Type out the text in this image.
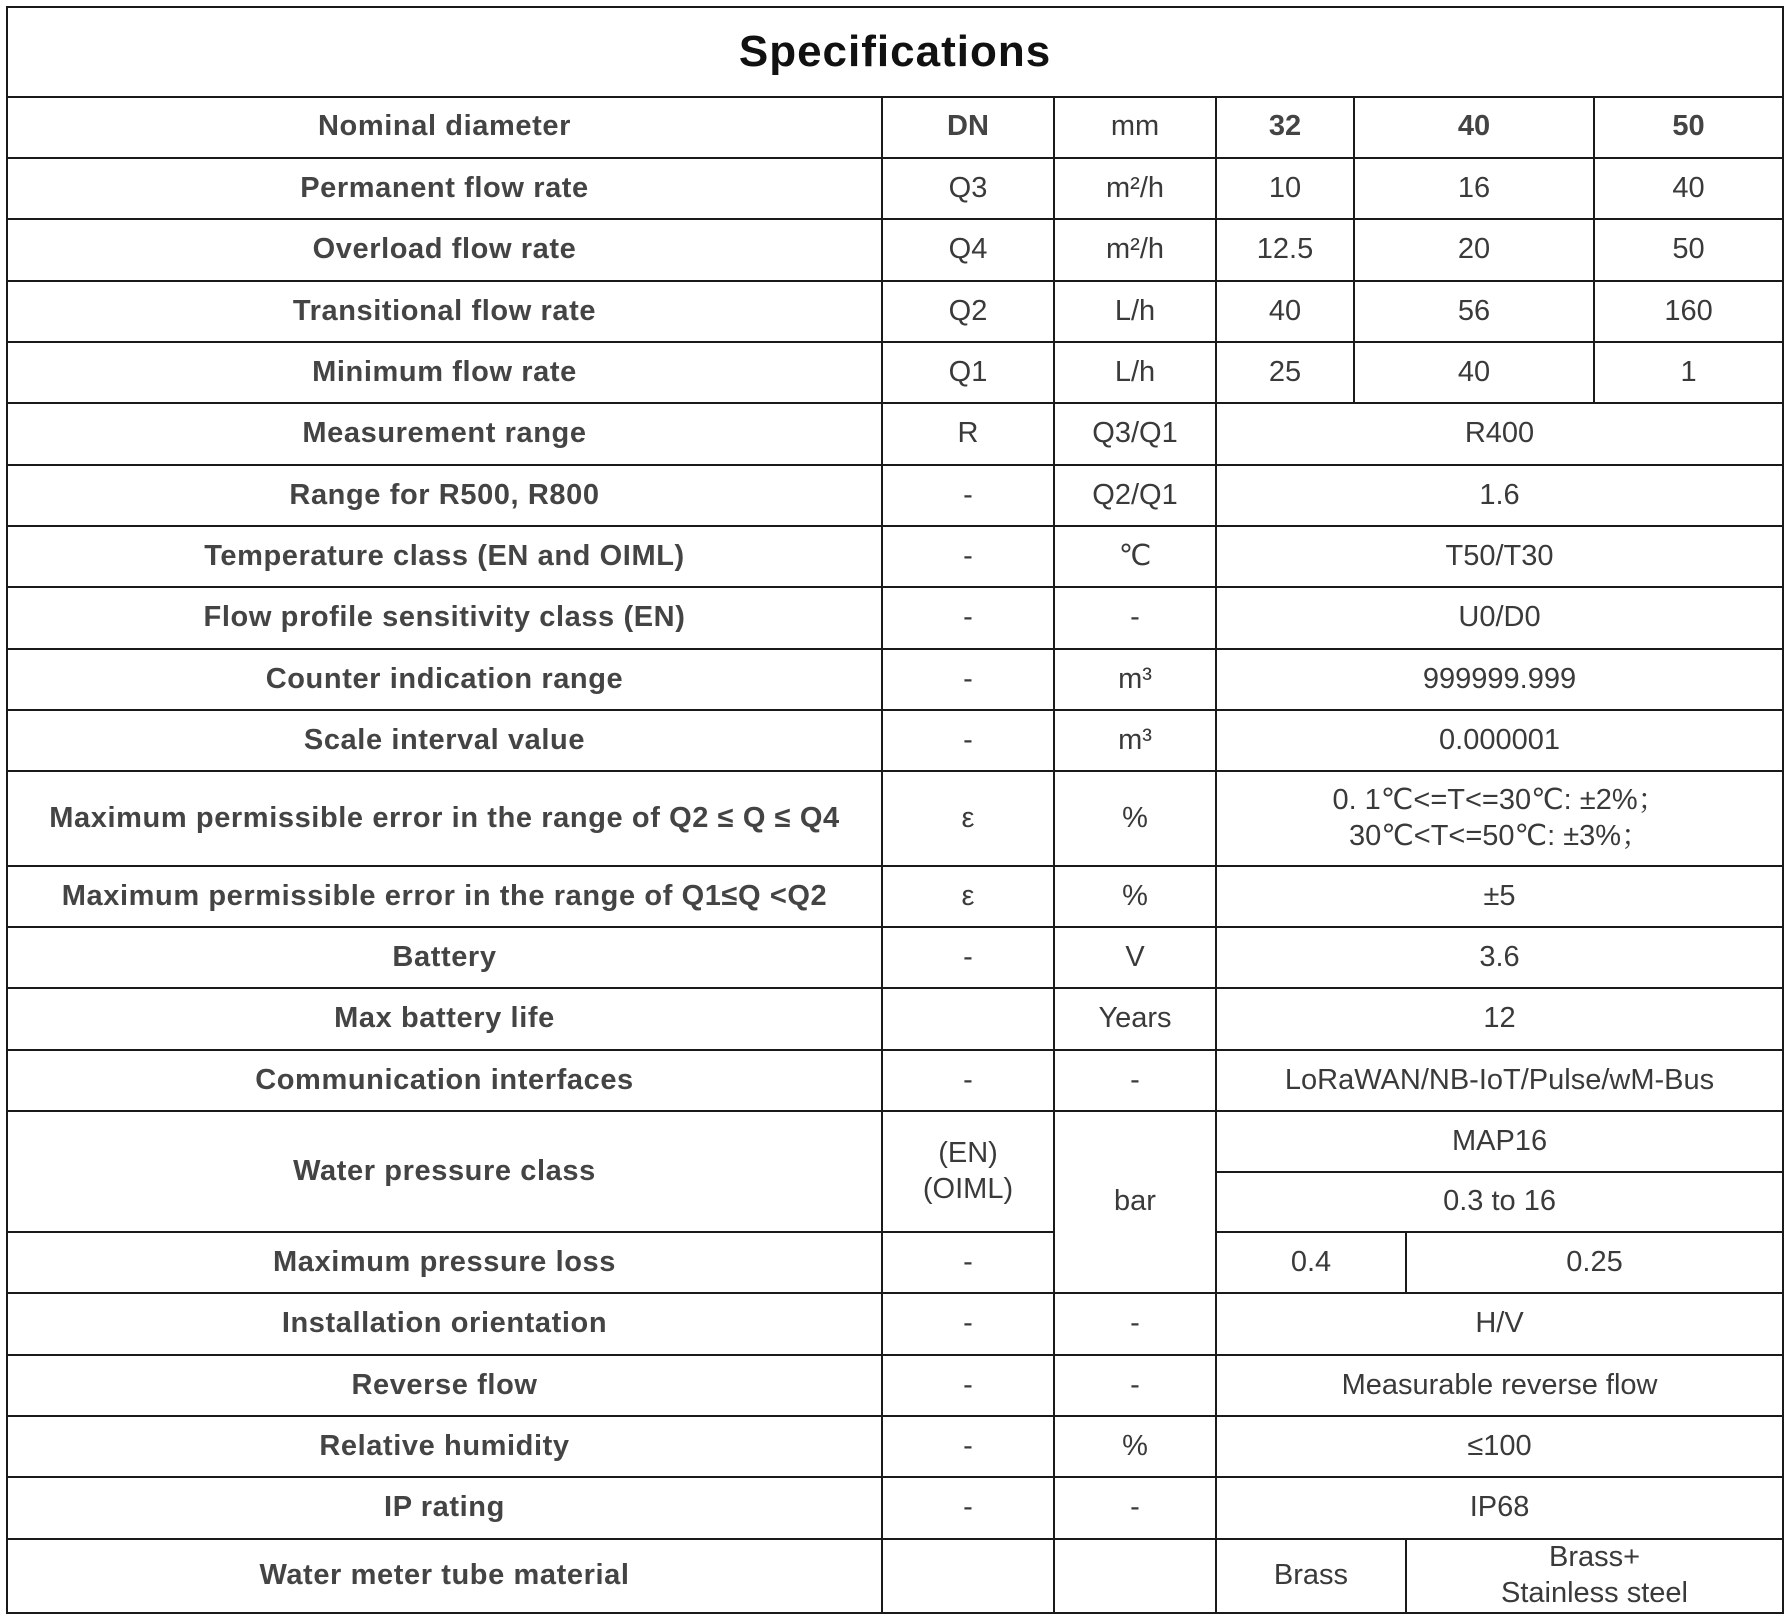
Specifications						
Nominal diameter	DN	mm	32	40		50
Permanent flow rate	Q3	m²/h	10	16		40
Overload flow rate	Q4	m²/h	12.5	20		50
Transitional flow rate	Q2	L/h	40	56		160
Minimum flow rate	Q1	L/h	25	40		1
Measurement range	R	Q3/Q1	R400			
Range for R500, R800	-	Q2/Q1	1.6			
Temperature class (EN and OIML)	-	℃	T50/T30			
Flow profile sensitivity class (EN)	-	-	U0/D0			
Counter indication range	-	m³	999999.999			
Scale interval value	-	m³	0.000001			
Maximum permissible error in the range of Q2 ≤ Q ≤ Q4	ε	%	0. 1℃<=T<=30℃: ±2%；
30℃<T<=50℃: ±3%；			

Maximum permissible error in the range of Q1≤Q <Q2	ε	%	±5			
Battery	-	V	3.6			
Max battery life		Years	12			
Communication interfaces	-	-	LoRaWAN/NB-IoT/Pulse/wM-Bus			
Water pressure class	(EN)
(OIML)	bar	MAP16			
			0.3 to 16			
Maximum pressure loss	-		0.4		0.25	
Installation orientation	-	-	H/V			
Reverse flow	-	-	Measurable reverse flow			
Relative humidity	-	%	≤100			
IP rating	-	-	IP68			
Water meter tube material			Brass		Brass+
Stainless steel	
